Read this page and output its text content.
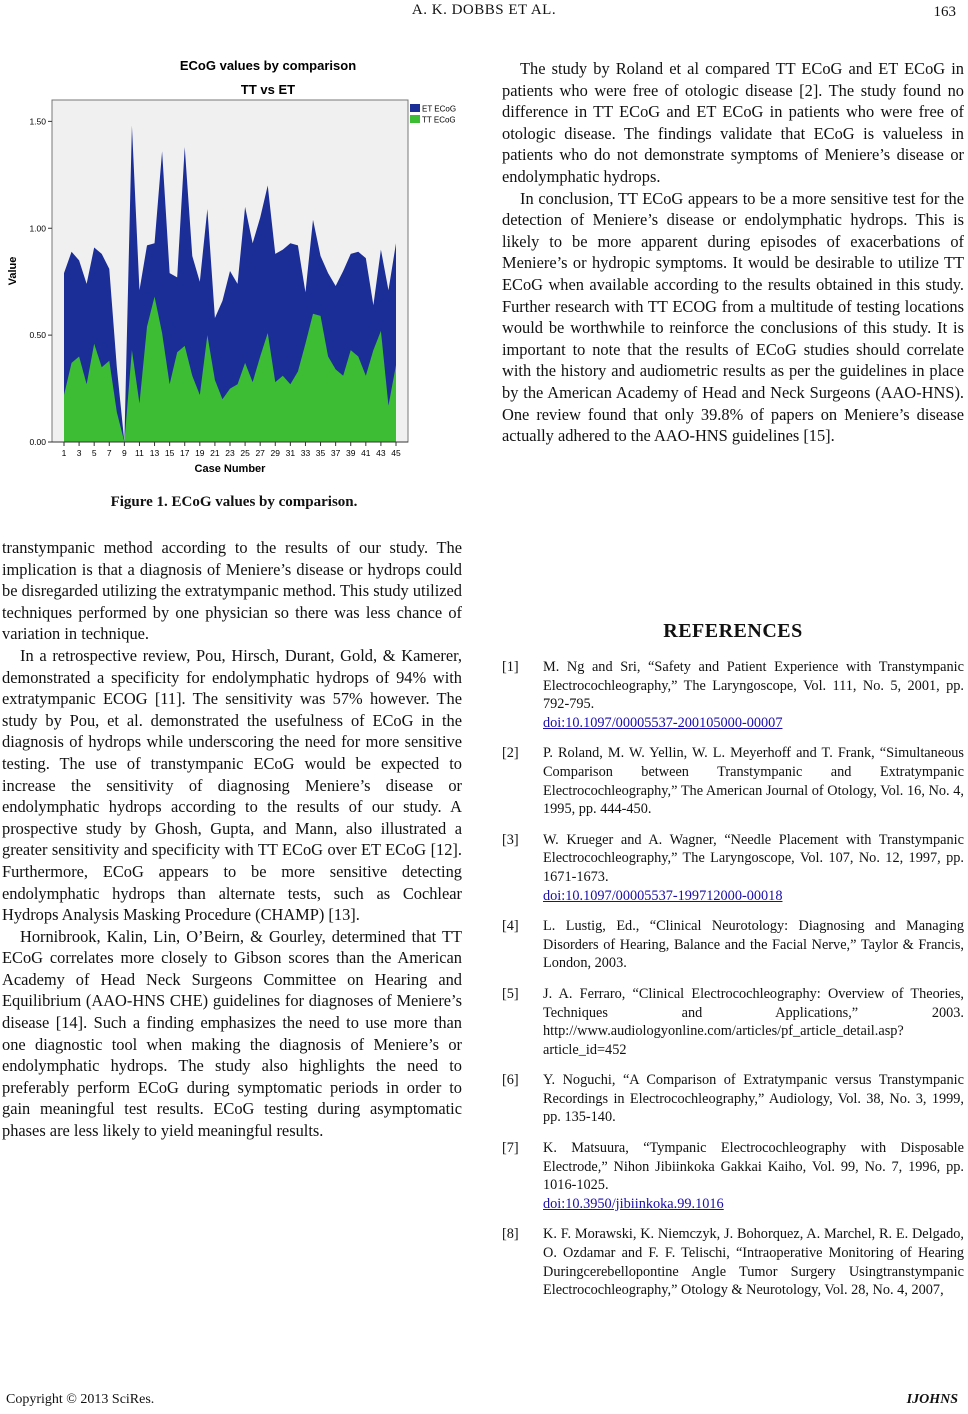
A. K. DOBBS ET AL.	163
ECoG values by comparison
TT vs ET
0.00
0.50
1.00
1.50
Value
1 3 5 7 9 11 13 15 17 19 21 23 25 27 29 31 33 35 37 39 41 43 45
Case Number
ET ECoG
TT ECoG
Figure 1. ECoG values by comparison.

transtympanic method according to the results of our study. The implication is that a diagnosis of Meniere’s disease or hydrops could be disregarded utilizing the extratympanic method. This study utilized techniques performed by one physician so there was less chance of variation in technique.

In a retrospective review, Pou, Hirsch, Durant, Gold, & Kamerer, demonstrated a specificity for endolymphatic hydrops of 94% with extratympanic ECOG [11]. The sensitivity was 57% however. The study by Pou, et al. demonstrated the usefulness of ECoG in the diagnosis of hydrops while underscoring the need for more sensitive testing. The use of transtympanic ECoG would be expected to increase the sensitivity of diagnosing Meniere’s disease or endolymphatic hydrops according to the results of our study. A prospective study by Ghosh, Gupta, and Mann, also illustrated a greater sensitivity and specificity with TT ECoG over ET ECoG [12]. Furthermore, ECoG appears to be more sensitive detecting endolymphatic hydrops than alternate tests, such as Cochlear Hydrops Analysis Masking Procedure (CHAMP) [13].

Hornibrook, Kalin, Lin, O’Beirn, & Gourley, determined that TT ECoG correlates more closely to Gibson scores than the American Academy of Head Neck Surgeons Committee on Hearing and Equilibrium (AAO-HNS CHE) guidelines for diagnoses of Meniere’s disease [14]. Such a finding emphasizes the need to use more than one diagnostic tool when making the diagnosis of Meniere’s or endolymphatic hydrops. The study also highlights the need to preferably perform ECoG during symptomatic periods in order to gain meaningful test results. ECoG testing during asymptomatic phases are less likely to yield meaningful results.

The study by Roland et al compared TT ECoG and ET ECoG in patients who were free of otologic disease [2]. The study found no difference in TT ECoG and ET ECoG in patients who were free of otologic disease. The findings validate that ECoG is valueless in patients who do not demonstrate symptoms of Meniere’s disease or endolymphatic hydrops.

In conclusion, TT ECoG appears to be a more sensitive test for the detection of Meniere’s disease or endolymphatic hydrops. This is likely to be more apparent during episodes of exacerbations of Meniere’s or hydropic symptoms. It would be desirable to utilize TT ECoG when available according to the results obtained in this study. Further research with TT ECOG from a multitude of testing locations would be worthwhile to reinforce the conclusions of this study. It is important to note that the results of ECoG studies should correlate with the history and audiometric results as per the guidelines in place by the American Academy of Head and Neck Surgeons (AAO-HNS). One review found that only 39.8% of papers on Meniere’s disease actually adhered to the AAO-HNS guidelines [15].

REFERENCES
[1] M. Ng and Sri, “Safety and Patient Experience with Transtympanic Electrocochleography,” The Laryngoscope, Vol. 111, No. 5, 2001, pp. 792-795.
doi:10.1097/00005537-200105000-00007
[2] P. Roland, M. W. Yellin, W. L. Meyerhoff and T. Frank, “Simultaneous Comparison between Transtympanic and Extratympanic Electrocochleography,” The American Journal of Otology, Vol. 16, No. 4, 1995, pp. 444-450.
[3] W. Krueger and A. Wagner, “Needle Placement with Transtympanic Electrocochleography,” The Laryngoscope, Vol. 107, No. 12, 1997, pp. 1671-1673.
doi:10.1097/00005537-199712000-00018
[4] L. Lustig, Ed., “Clinical Neurotology: Diagnosing and Managing Disorders of Hearing, Balance and the Facial Nerve,” Taylor & Francis, London, 2003.
[5] J. A. Ferraro, “Clinical Electrocochleography: Overview of Theories, Techniques and Applications,” 2003. http://www.audiologyonline.com/articles/pf_article_detail.asp?article_id=452
[6] Y. Noguchi, “A Comparison of Extratympanic versus Transtympanic Recordings in Electrocochleography,” Audiology, Vol. 38, No. 3, 1999, pp. 135-140.
[7] K. Matsuura, “Tympanic Electrocochleography with Disposable Electrode,” Nihon Jibiinkoka Gakkai Kaiho, Vol. 99, No. 7, 1996, pp. 1016-1025.
doi:10.3950/jibiinkoka.99.1016
[8] K. F. Morawski, K. Niemczyk, J. Bohorquez, A. Marchel, R. E. Delgado, O. Ozdamar and F. F. Telischi, “Intraoperative Monitoring of Hearing Duringcerebellopontine Angle Tumor Surgery Usingtranstympanic Electrocochleography,” Otology & Neurotology, Vol. 28, No. 4, 2007,
Copyright © 2013 SciRes.	IJOHNS
